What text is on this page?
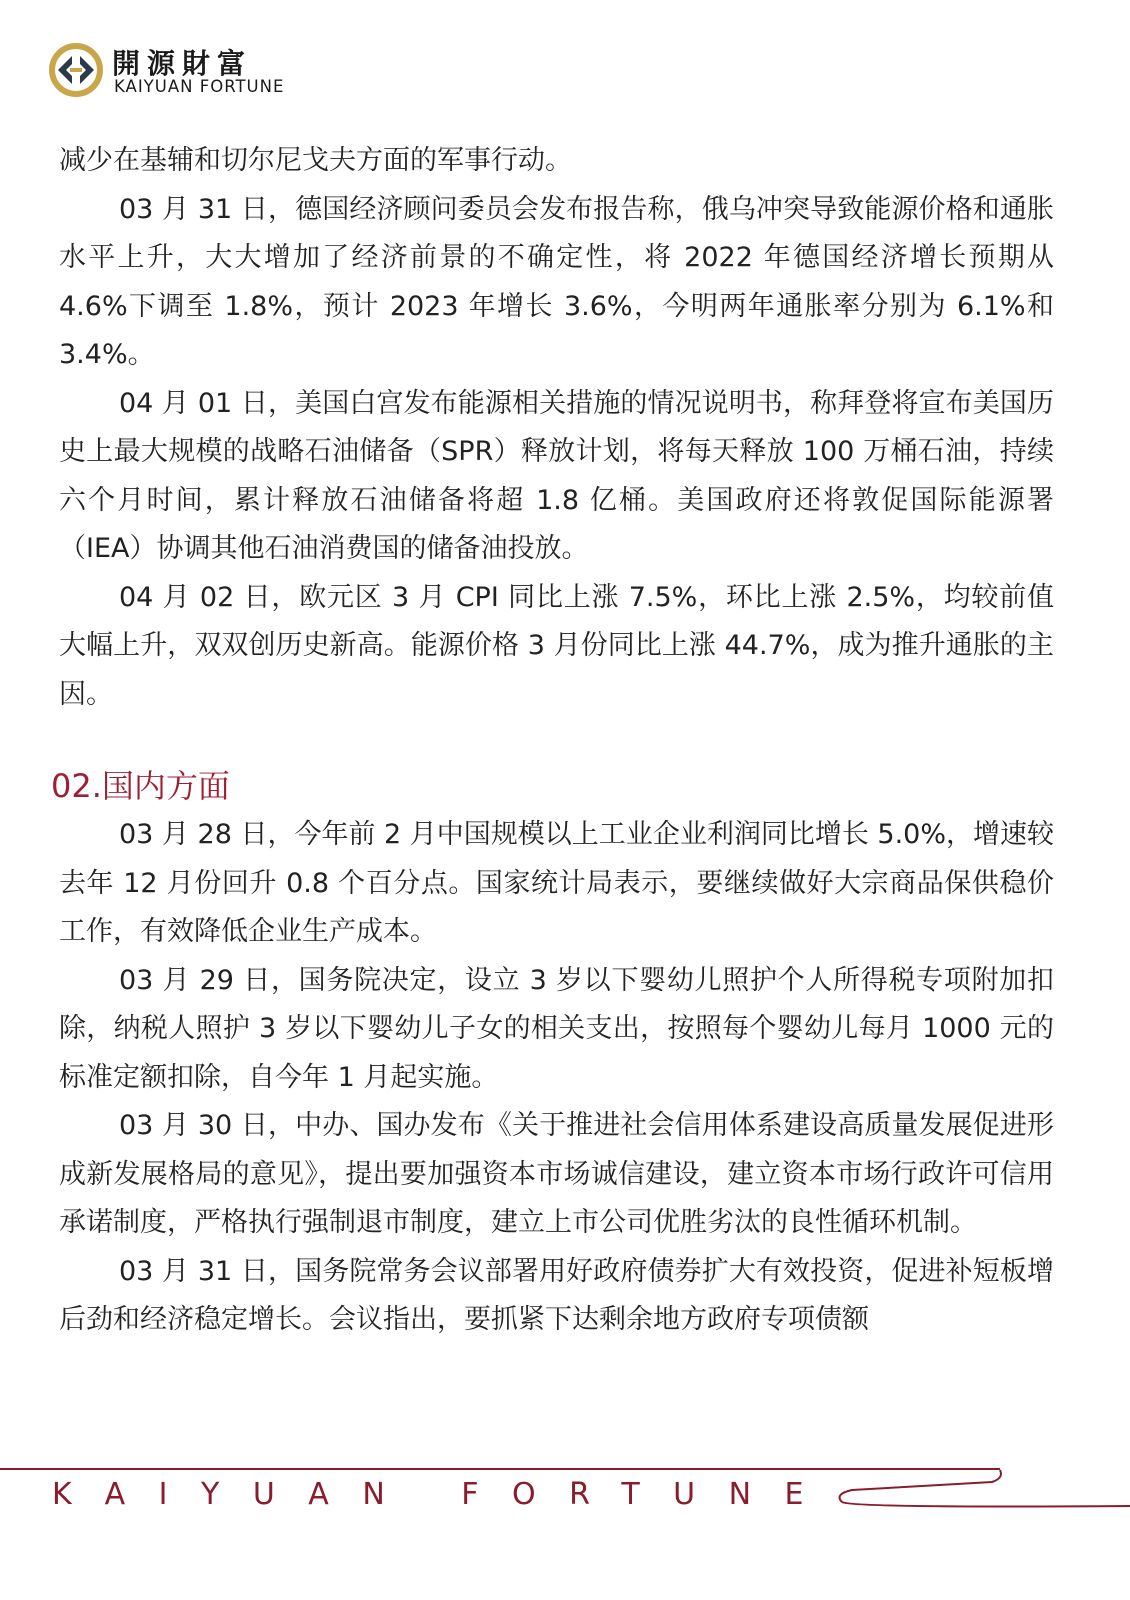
開源財富
KAIYUAN FORTUNE

减少在基辅和切尔尼戈夫方面的军事行动。

03 月 31 日，德国经济顾问委员会发布报告称，俄乌冲突导致能源价格和通胀水平上升，大大增加了经济前景的不确定性，将 2022 年德国经济增长预期从 4.6%下调至 1.8%，预计 2023 年增长 3.6%，今明两年通胀率分别为 6.1%和 3.4%。

04 月 01 日，美国白宫发布能源相关措施的情况说明书，称拜登将宣布美国历史上最大规模的战略石油储备（SPR）释放计划，将每天释放 100 万桶石油，持续六个月时间，累计释放石油储备将超 1.8 亿桶。美国政府还将敦促国际能源署（IEA）协调其他石油消费国的储备油投放。

04 月 02 日，欧元区 3 月 CPI 同比上涨 7.5%，环比上涨 2.5%，均较前值大幅上升，双双创历史新高。能源价格 3 月份同比上涨 44.7%，成为推升通胀的主因。

02.国内方面

03 月 28 日，今年前 2 月中国规模以上工业企业利润同比增长 5.0%，增速较去年 12 月份回升 0.8 个百分点。国家统计局表示，要继续做好大宗商品保供稳价工作，有效降低企业生产成本。

03 月 29 日，国务院决定，设立 3 岁以下婴幼儿照护个人所得税专项附加扣除，纳税人照护 3 岁以下婴幼儿子女的相关支出，按照每个婴幼儿每月 1000 元的标准定额扣除，自今年 1 月起实施。

03 月 30 日，中办、国办发布《关于推进社会信用体系建设高质量发展促进形成新发展格局的意见》，提出要加强资本市场诚信建设，建立资本市场行政许可信用承诺制度，严格执行强制退市制度，建立上市公司优胜劣汰的良性循环机制。

03 月 31 日，国务院常务会议部署用好政府债券扩大有效投资，促进补短板增后劲和经济稳定增长。会议指出，要抓紧下达剩余地方政府专项债额

KAIYUAN FORTUNE
